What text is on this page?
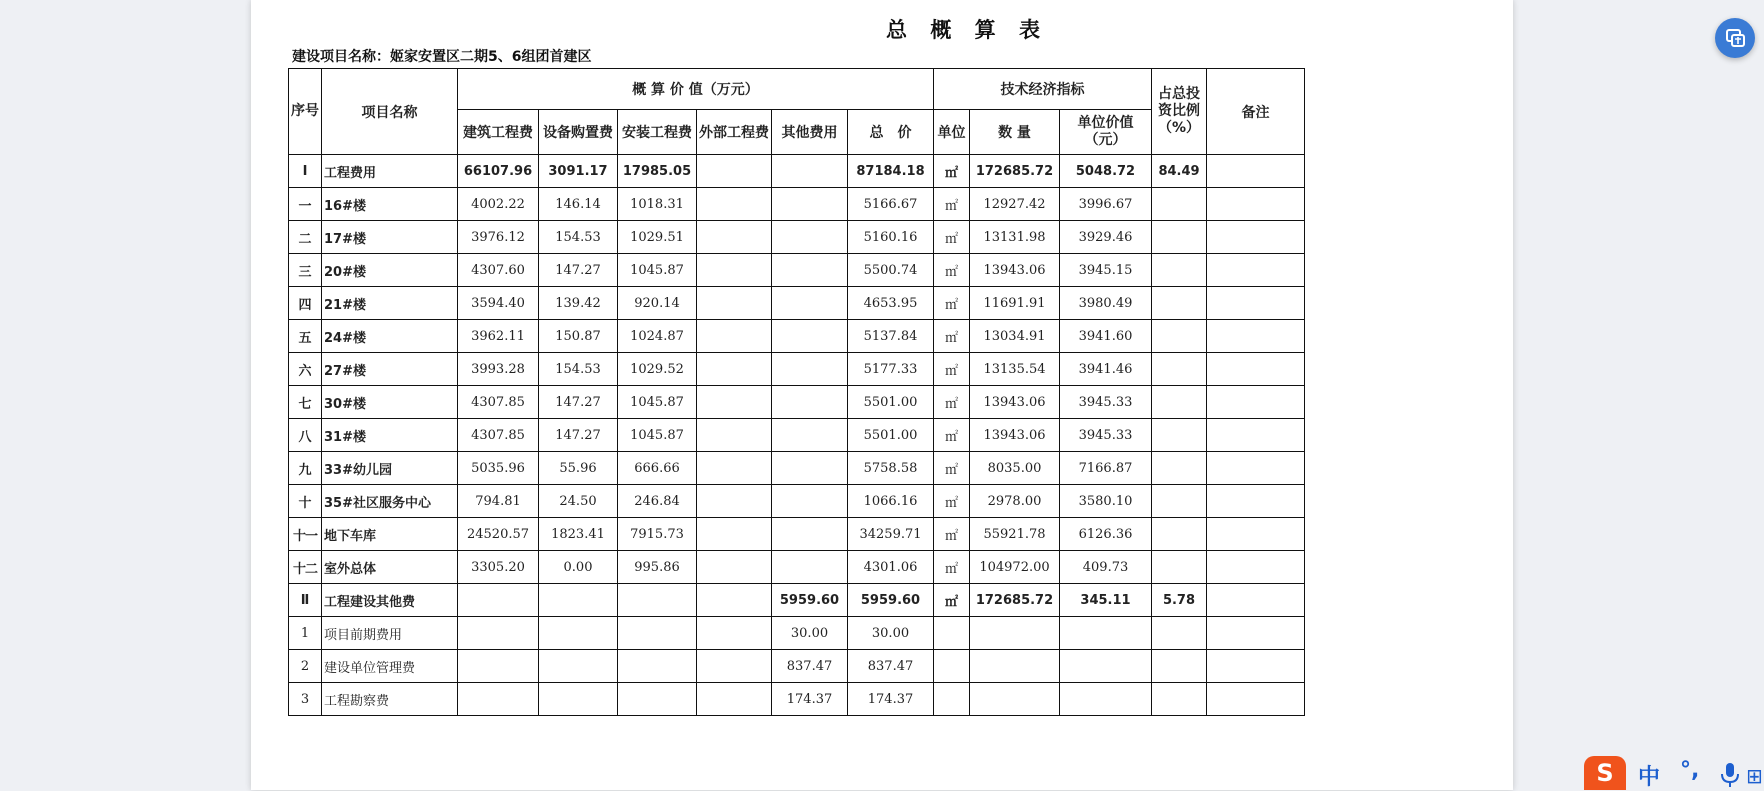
总 概 算 表
建设项目名称：姬家安置区二期5、6组团首建区
序号	项目名称	概 算 价 值（万元）						技术经济指标			占总投资比例（%）	备注
		建筑工程费	设备购置费	安装工程费	外部工程费	其他费用	总　价	单位	数 量	单位价值（元）		
Ⅰ	工程费用	66107.96	3091.17	17985.05			87184.18	㎡	172685.72	5048.72	84.49	
一	16#楼	4002.22	146.14	1018.31			5166.67	㎡	12927.42	3996.67		
二	17#楼	3976.12	154.53	1029.51			5160.16	㎡	13131.98	3929.46		
三	20#楼	4307.60	147.27	1045.87			5500.74	㎡	13943.06	3945.15		
四	21#楼	3594.40	139.42	920.14			4653.95	㎡	11691.91	3980.49		
五	24#楼	3962.11	150.87	1024.87			5137.84	㎡	13034.91	3941.60		
六	27#楼	3993.28	154.53	1029.52			5177.33	㎡	13135.54	3941.46		
七	30#楼	4307.85	147.27	1045.87			5501.00	㎡	13943.06	3945.33		
八	31#楼	4307.85	147.27	1045.87			5501.00	㎡	13943.06	3945.33		
九	33#幼儿园	5035.96	55.96	666.66			5758.58	㎡	8035.00	7166.87		
十	35#社区服务中心	794.81	24.50	246.84			1066.16	㎡	2978.00	3580.10		
十一	地下车库	24520.57	1823.41	7915.73			34259.71	㎡	55921.78	6126.36		
十二	室外总体	3305.20	0.00	995.86			4301.06	㎡	104972.00	409.73		
Ⅱ	工程建设其他费					5959.60	5959.60	㎡	172685.72	345.11	5.78	
1	项目前期费用					30.00	30.00					
2	建设单位管理费					837.47	837.47					
3	工程勘察费					174.37	174.37					
S	中 °, ⊞
